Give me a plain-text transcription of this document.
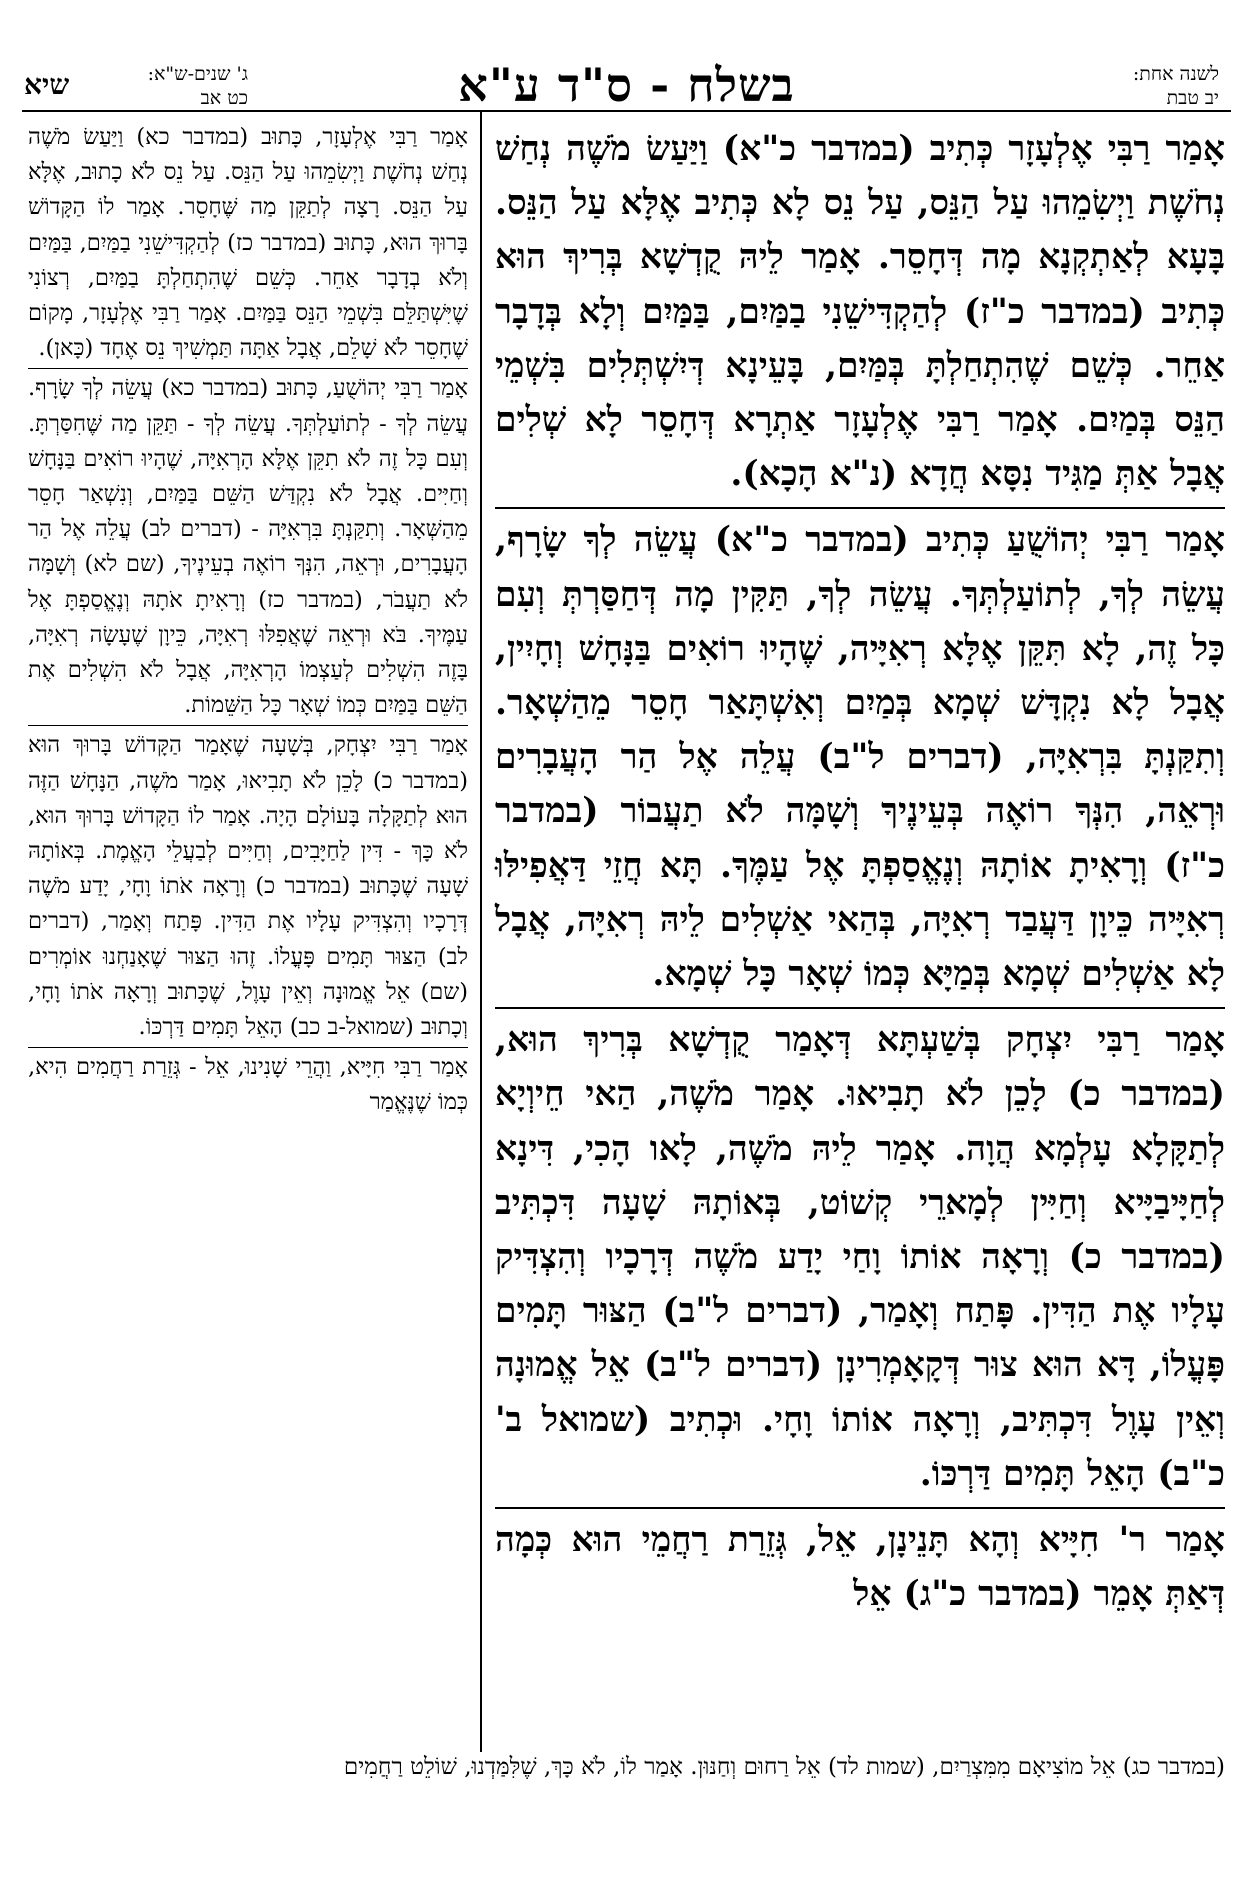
לשנה אחת:
יב טבת
בשלח - ס"ד ע"א
ג' שנים-ש"א:
כט אב
שיא

אָמַר רַבִּי אֶלְעָזָר כְּתִיב (במדבר כ"א) וַיַּעַשׂ מֹשֶׁה נְחַשׁ נְחֹשֶׁת וַיְשִׂמֵהוּ עַל הַנֵּס, עַל נֵס לָא כְּתִיב אֶלָּא עַל הַנֵּס. בָּעָא לְאַתְקְנָא מָה דְּחָסֵר. אָמַר לֵיהּ קֻדְשָׁא בְּרִיךְ הוּא כְּתִיב (במדבר כ"ז) לְהַקְדִּישֵׁנִי בַמַּיִם, בַּמַּיִם וְלָא בְּדָבָר אַחֵר. כְּשֵׁם שֶׁהִתְחַלְתָּ בְּמַּיִם, בָּעֵינָא דְּיִשְׁתְּלִים בִּשְׁמֵי הַנֵּס בְּמַיִם. אָמַר רַבִּי אֶלְעָזָר אַתְרָא דְּחָסֵר לָא שְׁלִים אֲבָל אַתְּ מַגִּיד נִסָּא חֲדָא (נ"א הָכָא).

אָמַר רַבִּי יְהוֹשֻׁעַ כְּתִיב (במדבר כ"א) עֲשֵׂה לְךָ שָׂרָף, עֲשֵׂה לְךָ, לְתוֹעַלְתְּךָ. עֲשֵׂה לְךָ, תַּקִּין מָה דְּחַסַּרְתְּ וְעִם כָּל זֶה, לָא תִּקֵּן אֶלָּא רְאִיָּיה, שֶׁהָיוּ רוֹאִים בַּנָּחָשׁ וְחָיִין, אֲבָל לָא נִקְדָּשׁ שְׁמָא בְּמַיִם וְאִשְׁתָּאַר חָסֵר מֵהַשְׁאָר. וְתִקַּנְתָּ בִּרְאִיָּה, (דברים ל"ב) עֲלֵה אֶל הַר הָעֲבָרִים וּרְאֵה, הִנְּךָ רוֹאֶה בְּעֵינֶיךָ וְשָׁמָּה לֹא תַעֲבוֹר (במדבר כ"ז) וְרָאִיתָ אוֹתָהּ וְנֶאֱסַפְתָּ אֶל עַמֶּךָ. תָּא חֲזֵי דַּאֲפִילּוּ רְאִיָּיה כֵּיוָן דַּעֲבַד רְאִיָּה, בְּהַאי אַשְׁלִים לֵיהּ רְאִיָּה, אֲבָל לָא אַשְׁלִים שְׁמָא בְּמַיָּא כְּמוֹ שְׁאָר כָּל שְׁמָא.

אָמַר רַבִּי יִצְחָק בְּשַׁעְתָּא דְּאָמַר קֻדְשָׁא בְּרִיךְ הוּא, (במדבר כ) לָכֵן לֹא תָבִיאוּ. אָמַר מֹשֶׁה, הַאי חֵיוְיָא לְתַקָּלָא עָלְמָא הֲוָה. אָמַר לֵיהּ מֹשֶׁה, לָאו הָכִי, דִּינָא לְחַיָּיבַיָּיא וְחַיִּין לְמָארֵי קְשׁוֹט, בְּאוֹתָהּ שָׁעָה דִּכְתִּיב (במדבר כ) וְרָאָה אוֹתוֹ וָחַי יָדַע מֹשֶׁה דְּרָכָיו וְהִצְדִּיק עָלָיו אֶת הַדִּין. פָּתַח וְאָמַר, (דברים ל"ב) הַצּוּר תָּמִים פָּעֳלוֹ, דָּא הוּא צוּר דְּקָאָמְרִינָן (דברים ל"ב) אֵל אֱמוּנָה וְאֵין עָוֶל דִּכְתִּיב, וְרָאָה אוֹתוֹ וָחָי. וּכְתִיב (שמואל ב' כ"ב) הָאֵל תָּמִים דַּרְכּוֹ.

אָמַר ר' חִיָּיא וְהָא תָּנֵינָן, אֵל, גְּזֵרַת רַחֲמֵי הוּא כְּמָה דְּאַתְּ אָמֵר (במדבר כ"ג) אֵל

אָמַר רַבִּי אֶלְעָזָר, כָּתוּב (במדבר כא) וַיַּעַשׂ מֹשֶׁה נְחַשׁ נְחֹשֶׁת וַיְשִׂמֵהוּ עַל הַנֵּס. עַל נֵס לֹא כָתוּב, אֶלָּא עַל הַנֵּס. רָצָה לְתַקֵּן מַה שֶּׁחָסֵר. אָמַר לוֹ הַקָּדוֹשׁ בָּרוּךְ הוּא, כָּתוּב (במדבר כז) לְהַקְדִּישֵׁנִי בַמַּיִם, בַּמַּיִם וְלֹא בְדָבָר אַחֵר. כְּשֵׁם שֶׁהִתְחַלְתָּ בַמַּיִם, רְצוֹנִי שֶׁיִּשְׁתַּלֵּם בִּשְׁמֵי הַנֵּס בַּמַּיִם. אָמַר רַבִּי אֶלְעָזָר, מָקוֹם שֶׁחָסֵר לֹא שָׁלֵם, אֲבָל אַתָּה תַּמְשִׁיךְ נֵס אֶחָד (כָּאן).

אָמַר רַבִּי יְהוֹשֻׁעַ, כָּתוּב (במדבר כא) עֲשֵׂה לְךָ שָׂרָף. עֲשֵׂה לְךָ - לְתוֹעַלְתְּךָ. עֲשֵׂה לְךָ - תַּקֵּן מַה שֶּׁחִסַּרְתָּ. וְעִם כָּל זֶה לֹא תִקֵּן אֶלָּא הָרְאִיָּה, שֶׁהָיוּ רוֹאִים בַּנָּחָשׁ וְחַיִּים. אֲבָל לֹא נִקְדַּשׁ הַשֵּׁם בַּמַּיִם, וְנִשְׁאַר חָסֵר מֵהַשְּׁאָר. וְתִקַּנְתָּ בִּרְאִיָּה - (דברים לב) עֲלֵה אֶל הַר הָעֲבָרִים, וּרְאֵה, הִנְּךָ רוֹאֶה בְעֵינֶיךָ, (שם לא) וְשָׁמָּה לֹא תַעֲבֹר, (במדבר כז) וְרָאִיתָ אֹתָהּ וְנֶאֱסַפְתָּ אֶל עַמֶּיךָ. בֹּא וּרְאֵה שֶׁאֲפִלּוּ רְאִיָּה, כֵּיוָן שֶׁעָשָׂה רְאִיָּה, בָּזֶה הִשְׁלִים לְעַצְמוֹ הָרְאִיָּה, אֲבָל לֹא הִשְׁלִים אֶת הַשֵּׁם בַּמַּיִם כְּמוֹ שְׁאָר כָּל הַשֵּׁמוֹת.

אָמַר רַבִּי יִצְחָק, בְּשָׁעָה שֶׁאָמַר הַקָּדוֹשׁ בָּרוּךְ הוּא (במדבר כ) לָכֵן לֹא תָבִיאוּ, אָמַר מֹשֶׁה, הַנָּחָשׁ הַזֶּה הוּא לְתַקָּלָה בָּעוֹלָם הָיָה. אָמַר לוֹ הַקָּדוֹשׁ בָּרוּךְ הוּא, לֹא כָּךְ - דִּין לַחַיָּבִים, וְחַיִּים לְבַעֲלֵי הָאֱמֶת. בְּאוֹתָהּ שָׁעָה שֶׁכָּתוּב (במדבר כ) וְרָאָה אֹתוֹ וָחָי, יָדַע מֹשֶׁה דְּרָכָיו וְהִצְדִּיק עָלָיו אֶת הַדִּין. פָּתַח וְאָמַר, (דברים לב) הַצּוּר תָּמִים פָּעֳלוֹ. זֶהוּ הַצּוּר שֶׁאָנַחְנוּ אוֹמְרִים (שם) אֵל אֱמוּנָה וְאֵין עָוֶל, שֶׁכָּתוּב וְרָאָה אֹתוֹ וָחָי, וְכָתוּב (שמואל-ב כב) הָאֵל תָּמִים דַּרְכּוֹ.

אָמַר רַבִּי חִיָּיא, וַהֲרֵי שָׁנִינוּ, אֵל - גְּזֵרַת רַחֲמִים הִיא, כְּמוֹ שֶׁנֶּאֱמַר

(במדבר כג) אֵל מוֹצִיאָם מִמִּצְרַיִם, (שמות לד) אֵל רַחוּם וְחַנּוּן. אָמַר לוֹ, לֹא כָּךְ, שֶׁלִּמַּדְנוּ, שׁוֹלֵט רַחֲמִים
